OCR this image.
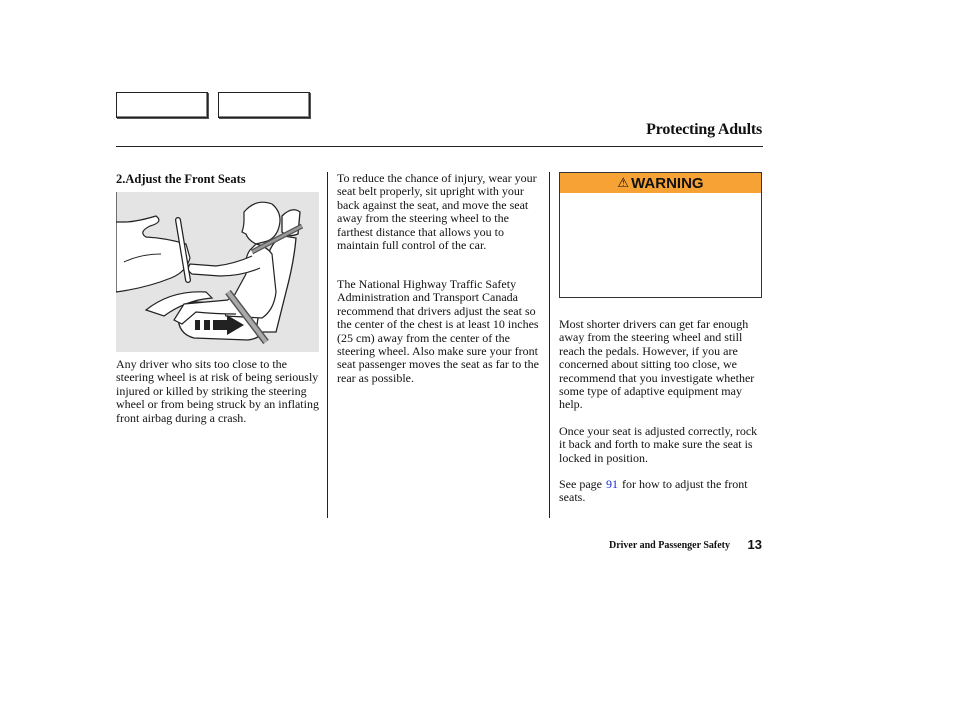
Protecting Adults
2.Adjust the Front Seats
Any driver who sits too close to the steering wheel is at risk of being seriously injured or killed by striking the steering wheel or from being struck by an inflating front airbag during a crash.
To reduce the chance of injury, wear your seat belt properly, sit upright with your back against the seat, and move the seat away from the steering wheel to the farthest distance that allows you to maintain full control of the car.
The National Highway Traffic Safety Administration and Transport Canada recommend that drivers adjust the seat so the center of the chest is at least 10 inches (25 cm) away from the center of the steering wheel. Also make sure your front seat passenger moves the seat as far to the rear as possible.
⚠ WARNING
Most shorter drivers can get far enough away from the steering wheel and still reach the pedals. However, if you are concerned about sitting too close, we recommend that you investigate whether some type of adaptive equipment may help.
Once your seat is adjusted correctly, rock it back and forth to make sure the seat is locked in position.
See page 91 for how to adjust the front seats.
Driver and Passenger Safety 13
